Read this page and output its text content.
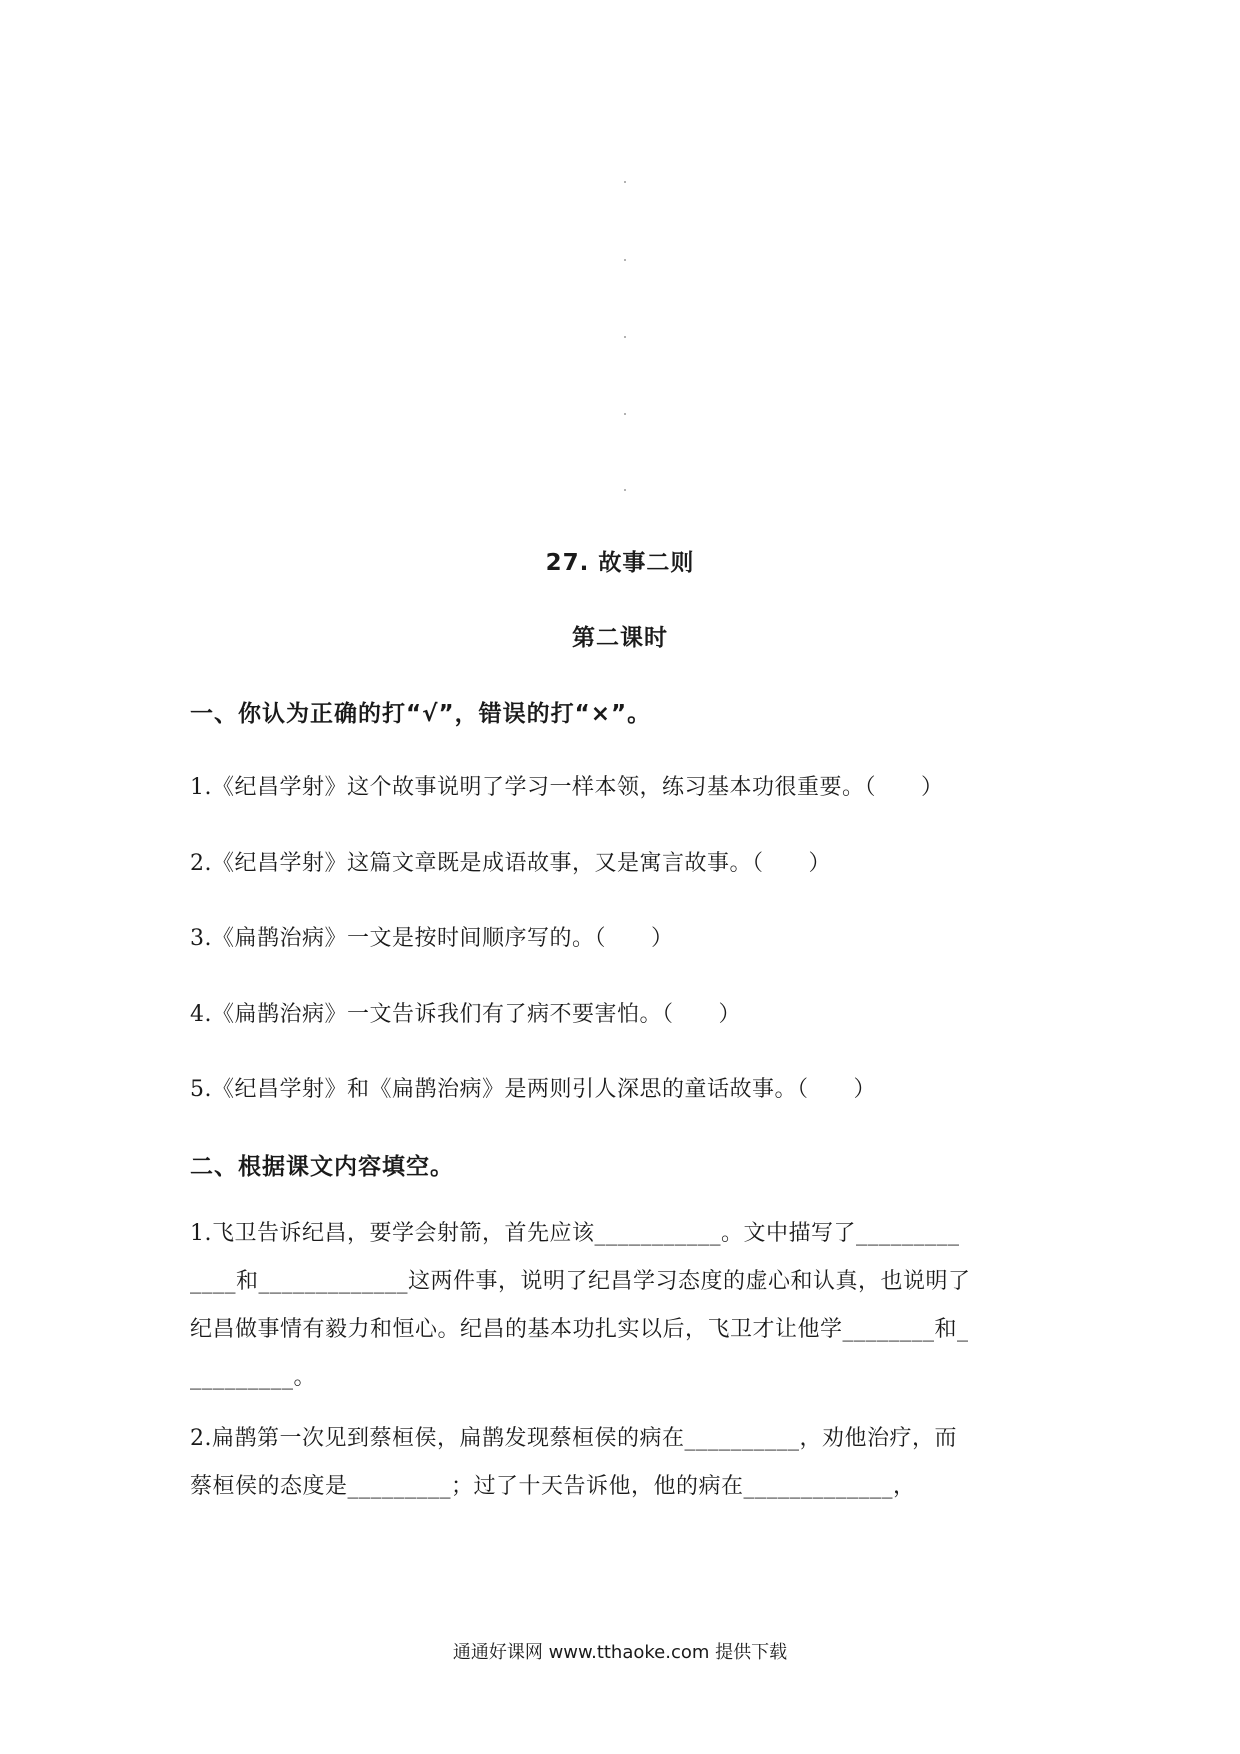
27. 故事二则
第二课时
一、你认为正确的打“√”，错误的打“×”。
1.《纪昌学射》这个故事说明了学习一样本领，练习基本功很重要。（　　）
2.《纪昌学射》这篇文章既是成语故事，又是寓言故事。（　　）
3.《扁鹊治病》一文是按时间顺序写的。（　　）
4.《扁鹊治病》一文告诉我们有了病不要害怕。（　　）
5.《纪昌学射》和《扁鹊治病》是两则引人深思的童话故事。（　　）
二、根据课文内容填空。
1.飞卫告诉纪昌，要学会射箭，首先应该___________。文中描写了_________
____和_____________这两件事，说明了纪昌学习态度的虚心和认真，也说明了
纪昌做事情有毅力和恒心。纪昌的基本功扎实以后，飞卫才让他学________和_
_________。
2.扁鹊第一次见到蔡桓侯，扁鹊发现蔡桓侯的病在__________，劝他治疗，而
蔡桓侯的态度是_________；过了十天告诉他，他的病在_____________，
通通好课网 www.tthaoke.com 提供下载
